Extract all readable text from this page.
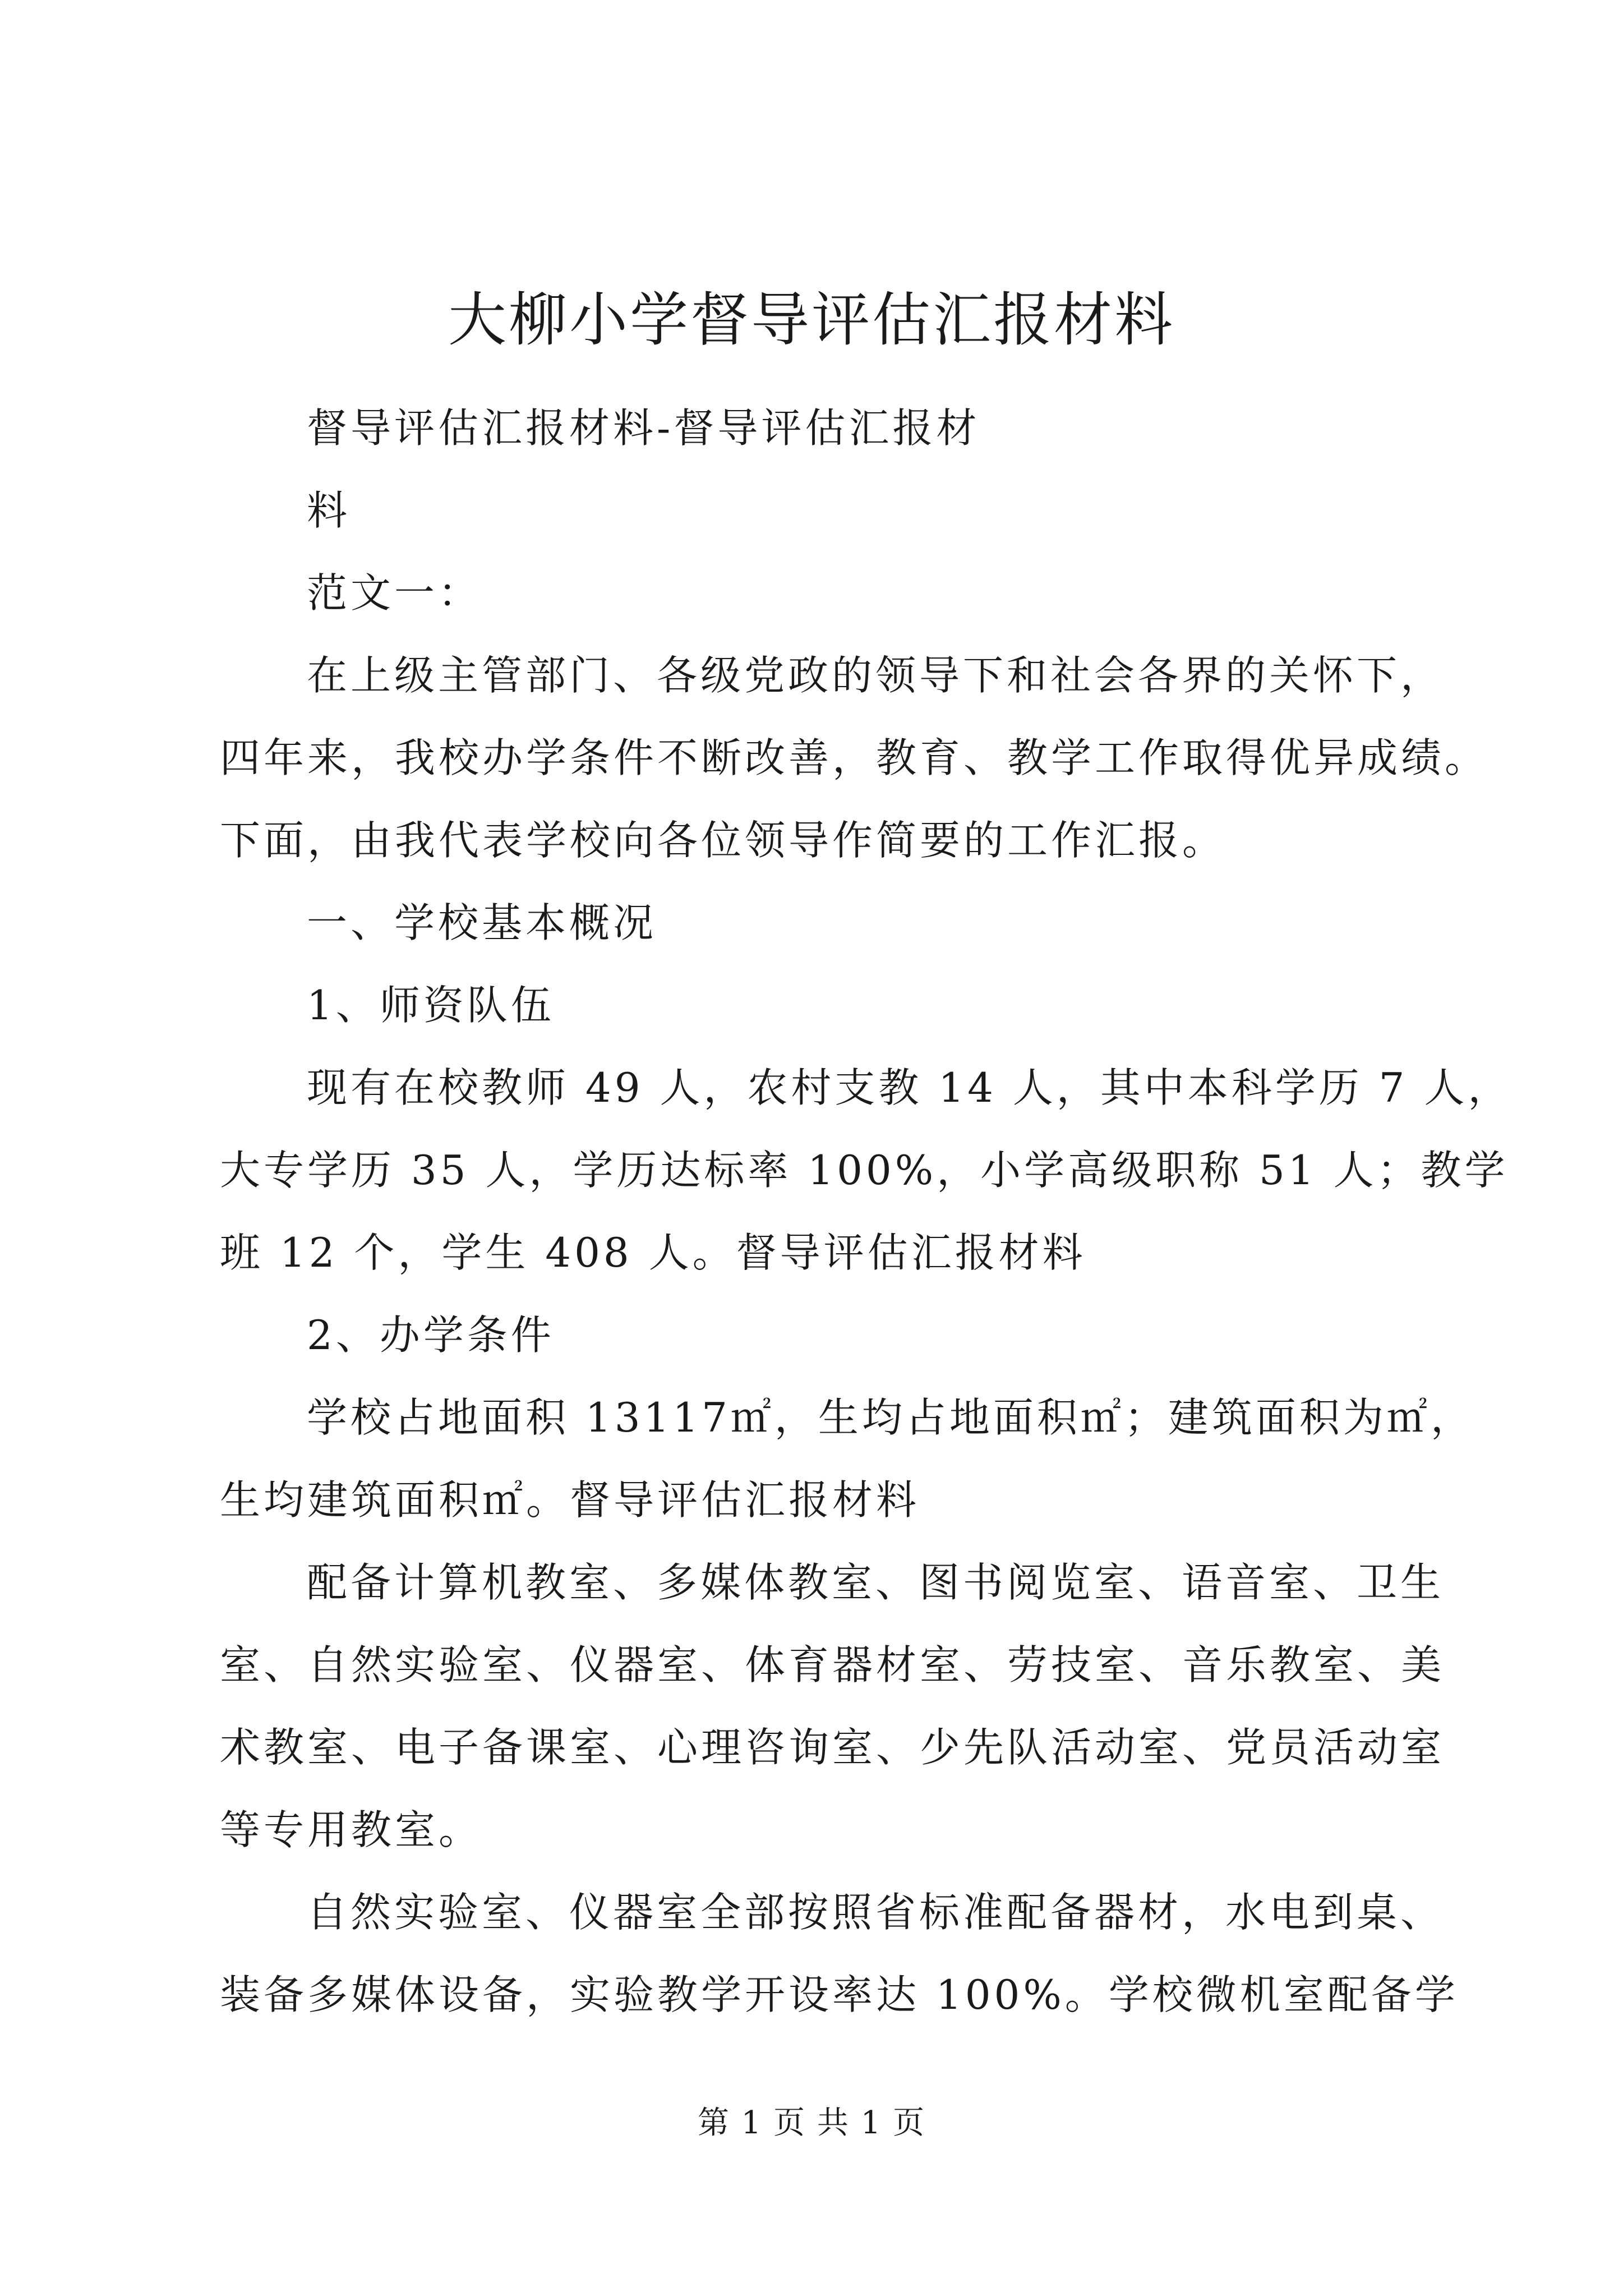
大柳小学督导评估汇报材料
督导评估汇报材料-督导评估汇报材
料
范文一：
在上级主管部门、各级党政的领导下和社会各界的关怀下，
四年来，我校办学条件不断改善，教育、教学工作取得优异成绩。
下面，由我代表学校向各位领导作简要的工作汇报。
一、学校基本概况
1、师资队伍
现有在校教师 49 人，农村支教 14 人，其中本科学历 7 人，
大专学历 35 人，学历达标率 100%，小学高级职称 51 人；教学
班 12 个，学生 408 人。督导评估汇报材料
2、办学条件
学校占地面积 13117㎡，生均占地面积㎡；建筑面积为㎡，
生均建筑面积㎡。督导评估汇报材料
配备计算机教室、多媒体教室、图书阅览室、语音室、卫生
室、自然实验室、仪器室、体育器材室、劳技室、音乐教室、美
术教室、电子备课室、心理咨询室、少先队活动室、党员活动室
等专用教室。
自然实验室、仪器室全部按照省标准配备器材，水电到桌、
装备多媒体设备，实验教学开设率达 100%。学校微机室配备学
第 1 页 共 1 页
